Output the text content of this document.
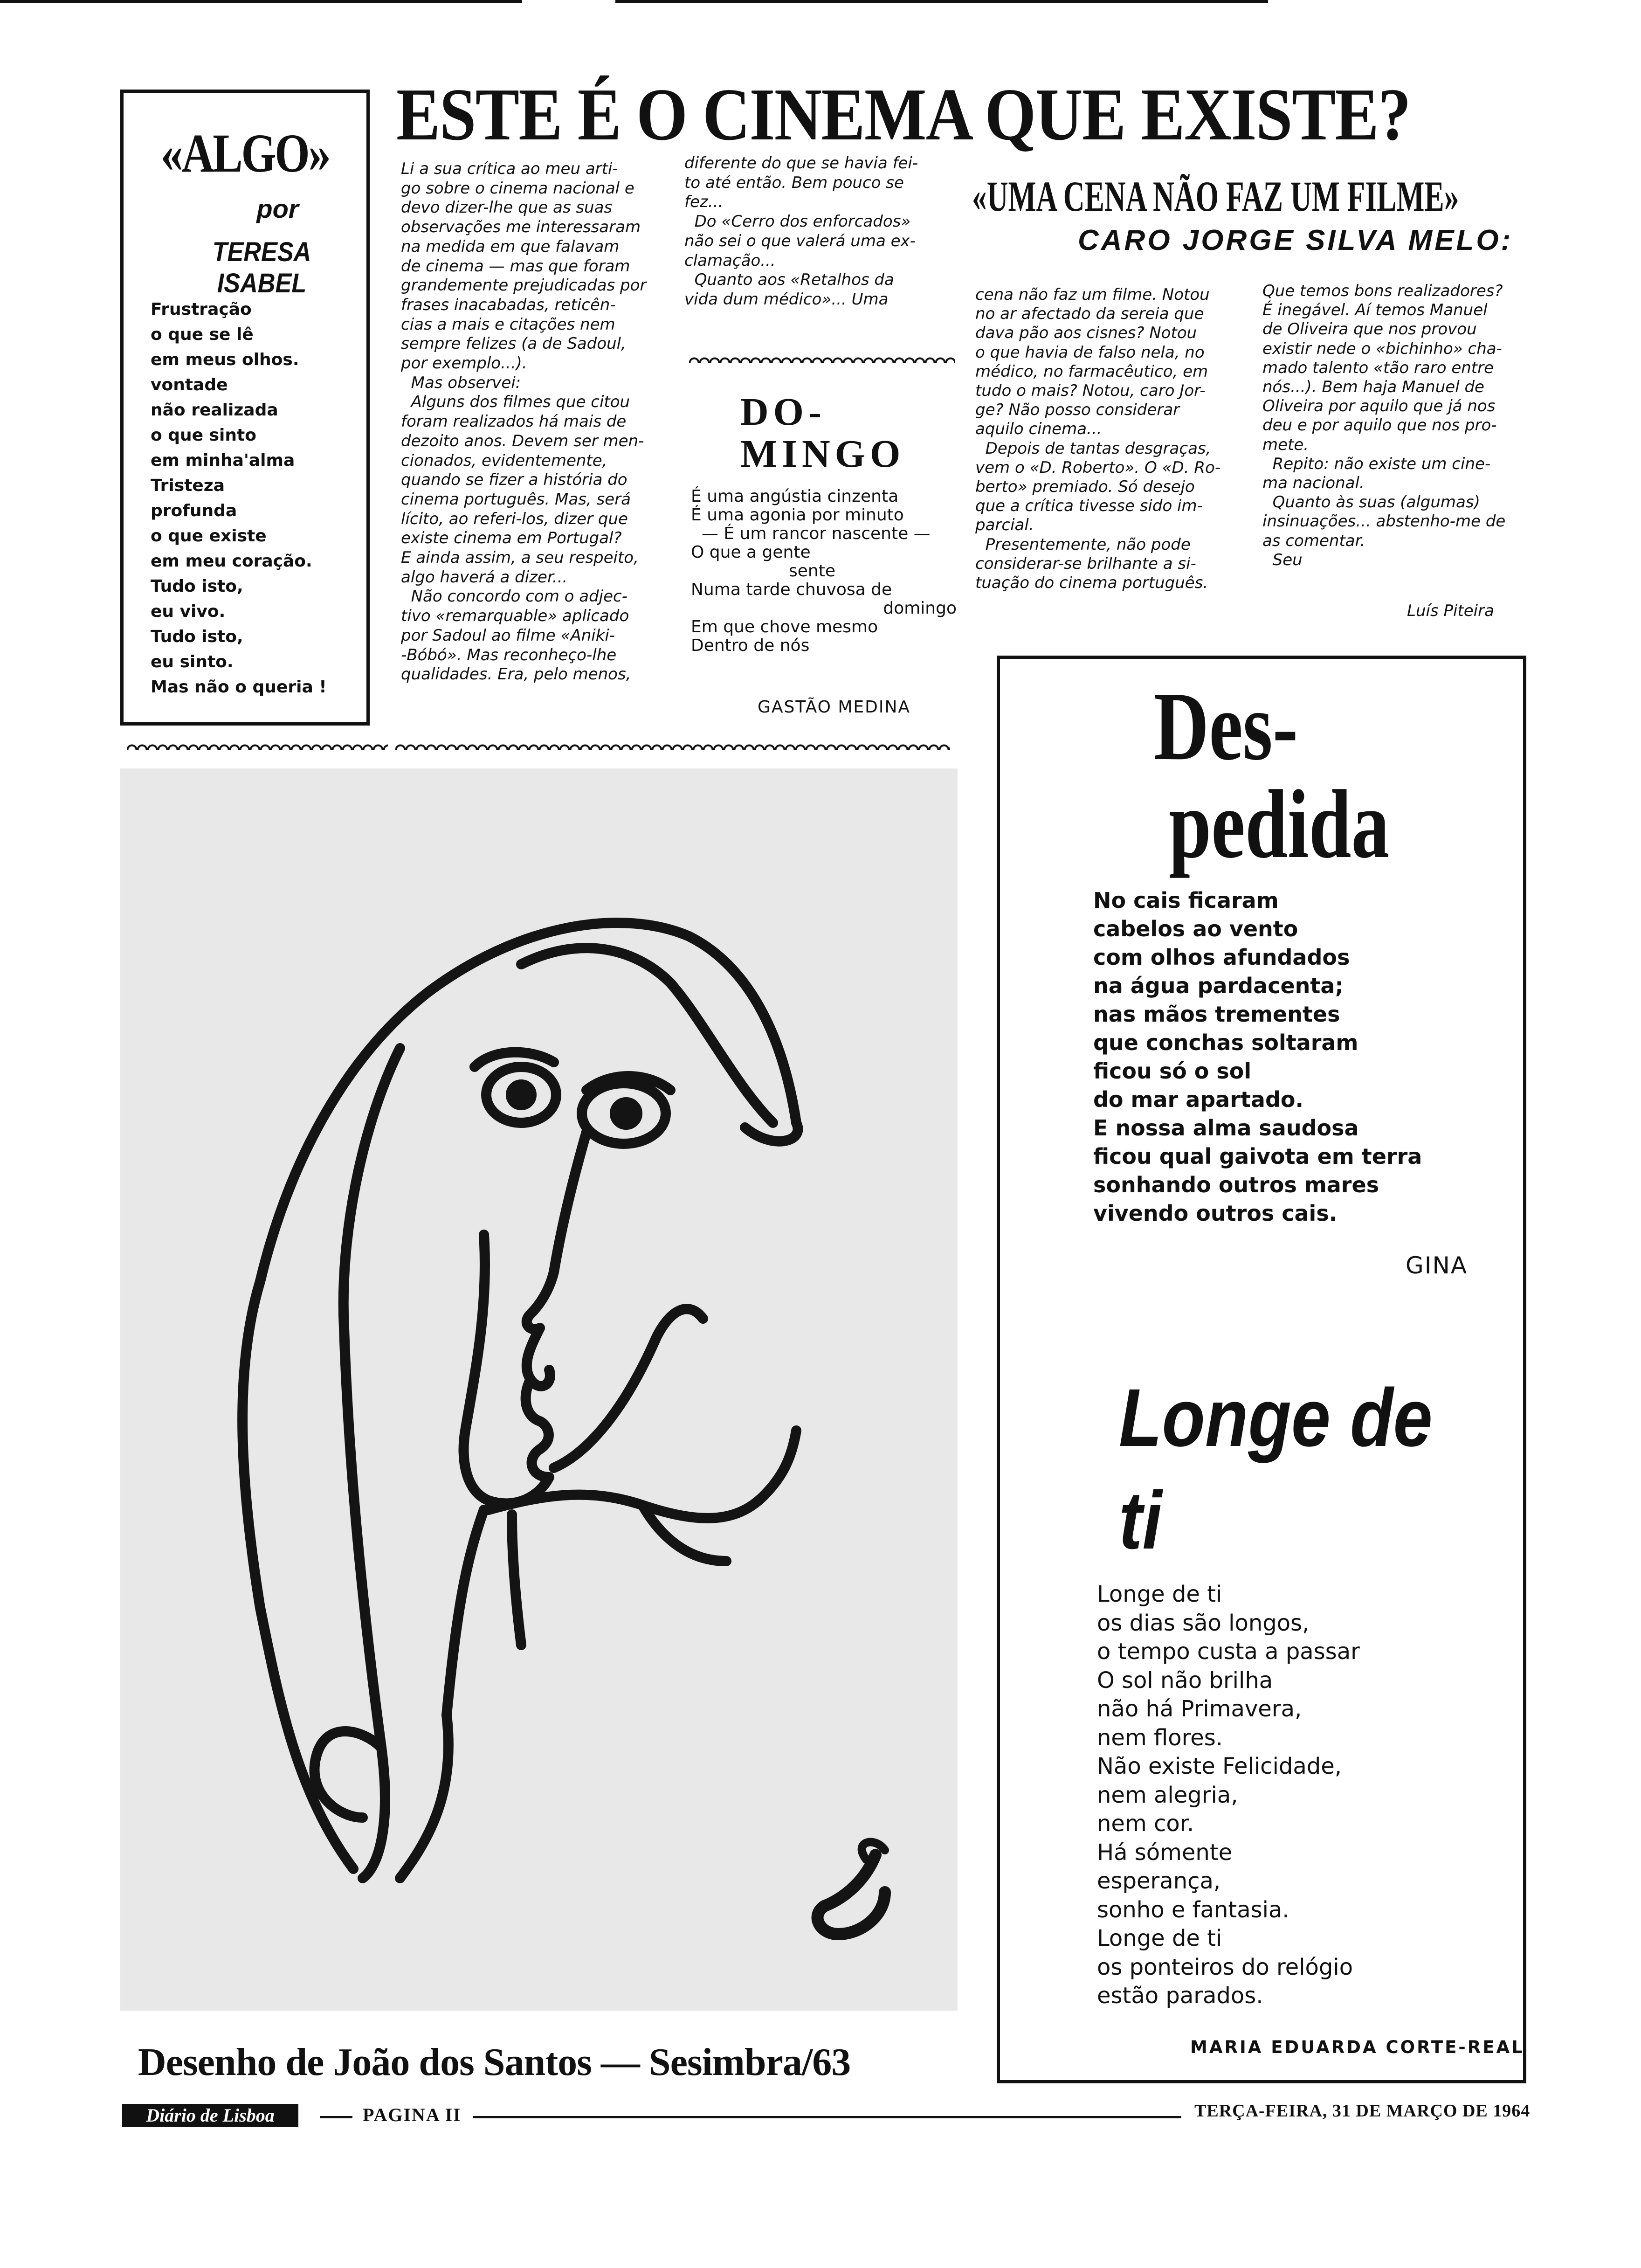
«ALGO»
por
TERESA ISABEL
Frustração
o que se lê
em meus olhos.
vontade
não realizada
o que sinto
em minha'alma
Tristeza
profunda
o que existe
em meu coração.
Tudo isto,
eu vivo.
Tudo isto,
eu sinto.
Mas não o queria !
ESTE É O CINEMA QUE EXISTE?
Li a sua crítica ao meu arti-
go sobre o cinema nacional e
devo dizer-lhe que as suas
observações me interessaram
na medida em que falavam
de cinema — mas que foram
grandemente prejudicadas por
frases inacabadas, reticên-
cias a mais e citações nem
sempre felizes (a de Sadoul,
por exemplo...).
Mas observei:
Alguns dos filmes que citou
foram realizados há mais de
dezoito anos. Devem ser men-
cionados, evidentemente,
quando se fizer a história do
cinema português. Mas, será
lícito, ao referi-los, dizer que
existe cinema em Portugal?
E ainda assim, a seu respeito,
algo haverá a dizer...
Não concordo com o adjec-
tivo «remarquable» aplicado
por Sadoul ao filme «Aniki-
-Bóbó». Mas reconheço-lhe
qualidades. Era, pelo menos,
diferente do que se havia fei-
to até então. Bem pouco se
fez...
Do «Cerro dos enforcados»
não sei o que valerá uma ex-
clamação...
Quanto aos «Retalhos da
vida dum médico»... Uma
DO-
MINGO
É uma angústia cinzenta
É uma agonia por minuto
— É um rancor nascente —
O que a gente
sente
Numa tarde chuvosa de
domingo
Em que chove mesmo
Dentro de nós
GASTÃO MEDINA
«UMA CENA NÃO FAZ UM FILME»
CARO JORGE SILVA MELO:
cena não faz um filme. Notou
no ar afectado da sereia que
dava pão aos cisnes? Notou
o que havia de falso nela, no
médico, no farmacêutico, em
tudo o mais? Notou, caro Jor-
ge? Não posso considerar
aquilo cinema...
Depois de tantas desgraças,
vem o «D. Roberto». O «D. Ro-
berto» premiado. Só desejo
que a crítica tivesse sido im-
parcial.
Presentemente, não pode
considerar-se brilhante a si-
tuação do cinema português.
Que temos bons realizadores?
É inegável. Aí temos Manuel
de Oliveira que nos provou
existir nede o «bichinho» cha-
mado talento «tão raro entre
nós...). Bem haja Manuel de
Oliveira por aquilo que já nos
deu e por aquilo que nos pro-
mete.
Repito: não existe um cine-
ma nacional.
Quanto às suas (algumas)
insinuações... abstenho-me de
as comentar.
Seu
Luís Piteira
Desenho de João dos Santos — Sesimbra/63
Des-
pedida
No cais ficaram
cabelos ao vento
com olhos afundados
na água pardacenta;
nas mãos trementes
que conchas soltaram
ficou só o sol
do mar apartado.
E nossa alma saudosa
ficou qual gaivota em terra
sonhando outros mares
vivendo outros cais.
GINA
Longe de
ti
Longe de ti
os dias são longos,
o tempo custa a passar
O sol não brilha
não há Primavera,
nem flores.
Não existe Felicidade,
nem alegria,
nem cor.
Há sómente
esperança,
sonho e fantasia.
Longe de ti
os ponteiros do relógio
estão parados.
MARIA EDUARDA CORTE-REAL
Diário de Lisboa	PAGINA II	TERÇA-FEIRA, 31 DE MARÇO DE 1964
